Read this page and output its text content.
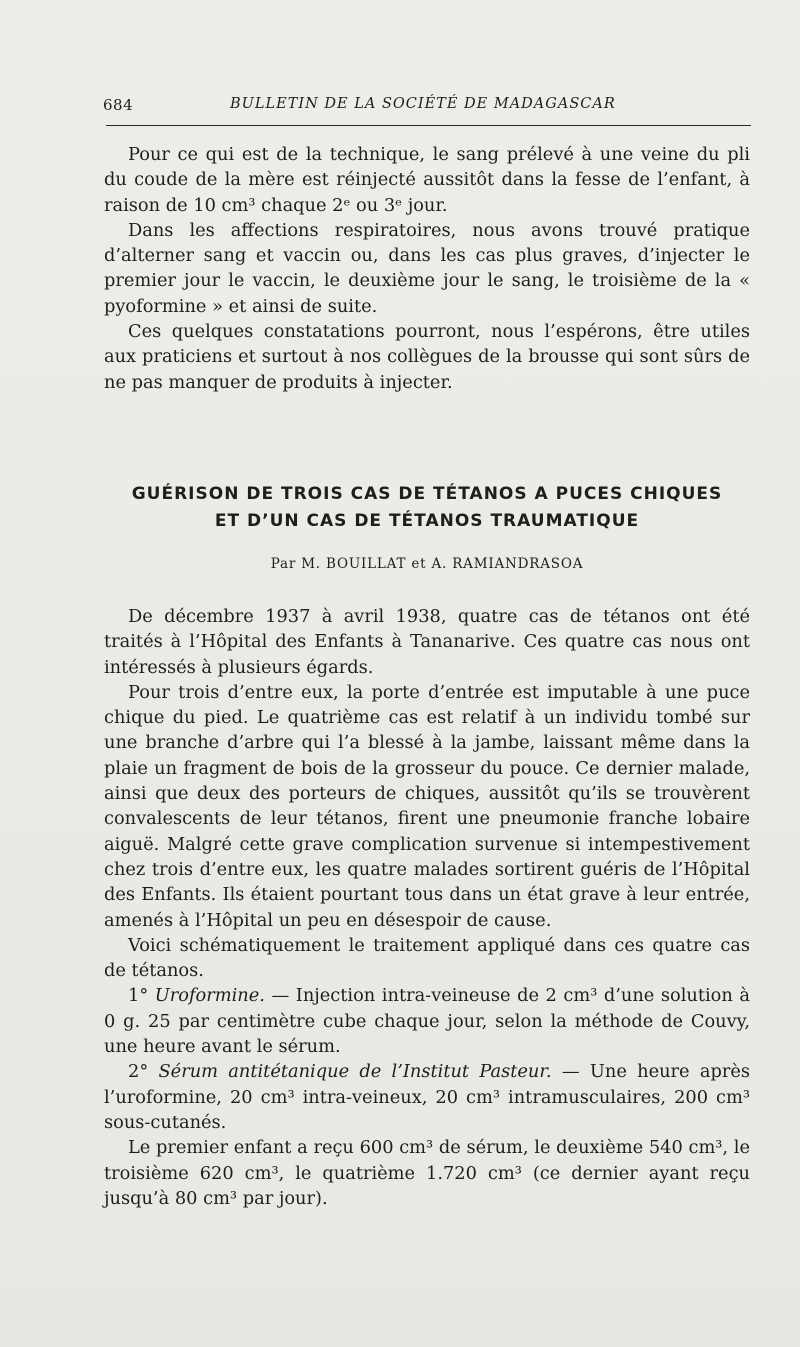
684	BULLETIN DE LA SOCIÉTÉ DE MADAGASCAR

Pour ce qui est de la technique, le sang prélevé à une veine du pli du coude de la mère est réinjecté aussitôt dans la fesse de l’enfant, à raison de 10 cm³ chaque 2ᵉ ou 3ᵉ jour.

Dans les affections respiratoires, nous avons trouvé pratique d’alterner sang et vaccin ou, dans les cas plus graves, d’injecter le premier jour le vaccin, le deuxième jour le sang, le troisième de la « pyoformine » et ainsi de suite.

Ces quelques constatations pourront, nous l’espérons, être utiles aux praticiens et surtout à nos collègues de la brousse qui sont sûrs de ne pas manquer de produits à injecter.

GUÉRISON DE TROIS CAS DE TÉTANOS A PUCES CHIQUES
ET D’UN CAS DE TÉTANOS TRAUMATIQUE
Par M. BOUILLAT et A. RAMIANDRASOA

De décembre 1937 à avril 1938, quatre cas de tétanos ont été traités à l’Hôpital des Enfants à Tananarive. Ces quatre cas nous ont intéressés à plusieurs égards.

Pour trois d’entre eux, la porte d’entrée est imputable à une puce chique du pied. Le quatrième cas est relatif à un individu tombé sur une branche d’arbre qui l’a blessé à la jambe, laissant même dans la plaie un fragment de bois de la grosseur du pouce. Ce dernier malade, ainsi que deux des porteurs de chiques, aussitôt qu’ils se trouvèrent convalescents de leur tétanos, firent une pneumonie franche lobaire aiguë. Malgré cette grave complication survenue si intempestivement chez trois d’entre eux, les quatre malades sortirent guéris de l’Hôpital des Enfants. Ils étaient pourtant tous dans un état grave à leur entrée, amenés à l’Hôpital un peu en désespoir de cause.

Voici schématiquement le traitement appliqué dans ces quatre cas de tétanos.

1° Uroformine. — Injection intra-veineuse de 2 cm³ d’une solution à 0 g. 25 par centimètre cube chaque jour, selon la méthode de Couvy, une heure avant le sérum.

2° Sérum antitétanique de l’Institut Pasteur. — Une heure après l’uroformine, 20 cm³ intra-veineux, 20 cm³ intramusculaires, 200 cm³ sous-cutanés.

Le premier enfant a reçu 600 cm³ de sérum, le deuxième 540 cm³, le troisième 620 cm³, le quatrième 1.720 cm³ (ce dernier ayant reçu jusqu’à 80 cm³ par jour).
